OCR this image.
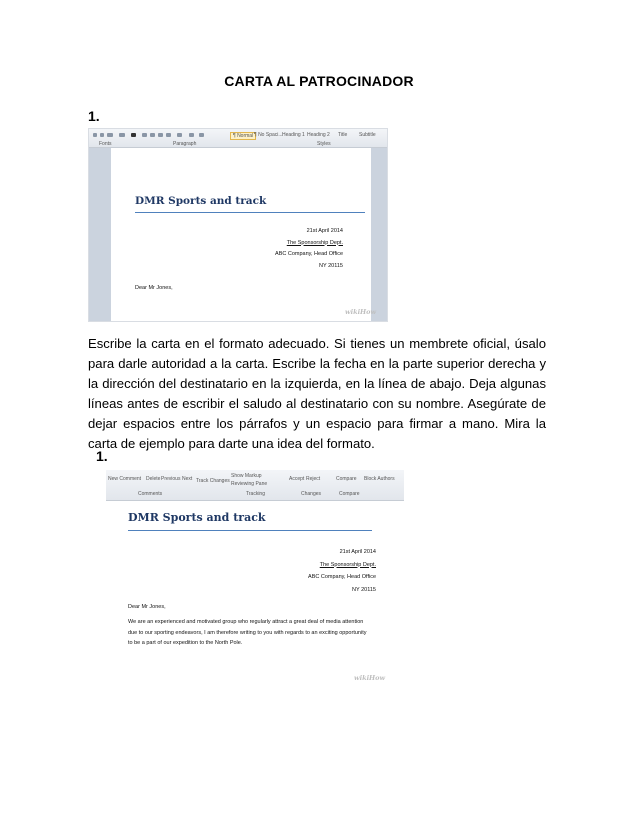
CARTA AL PATROCINADOR
1.
¶ Normal ¶ No Spaci... Heading 1 Heading 2 Title Subtitle
Fonts	Paragraph	Styles
DMR Sports and track
21st April 2014
The Sponsorship Dept.
ABC Company, Head Office
NY 20115
Dear Mr Jones,
wikiHow
Escribe la carta en el formato adecuado. Si tienes un membrete oficial, úsalo para darle autoridad a la carta. Escribe la fecha en la parte superior derecha y la dirección del destinatario en la izquierda, en la línea de abajo. Deja algunas líneas antes de escribir el saludo al destinatario con su nombre. Asegúrate de dejar espacios entre los párrafos y un espacio para firmar a mano. Mira la carta de ejemplo para darte una idea del formato.
1.
New Comment Delete Previous Next Track Changes
Show Markup
Reviewing Pane
Accept Reject	Compare Block Authors
Comments	Tracking	Changes	Compare
DMR Sports and track
21st April 2014
The Sponsorship Dept.
ABC Company, Head Office
NY 20115
Dear Mr Jones,
We are an experienced and motivated group who regularly attract a great deal of media attention due to our sporting endeavors, I am therefore writing to you with regards to an exciting opportunity to be a part of our expedition to the North Pole.
wikiHow
